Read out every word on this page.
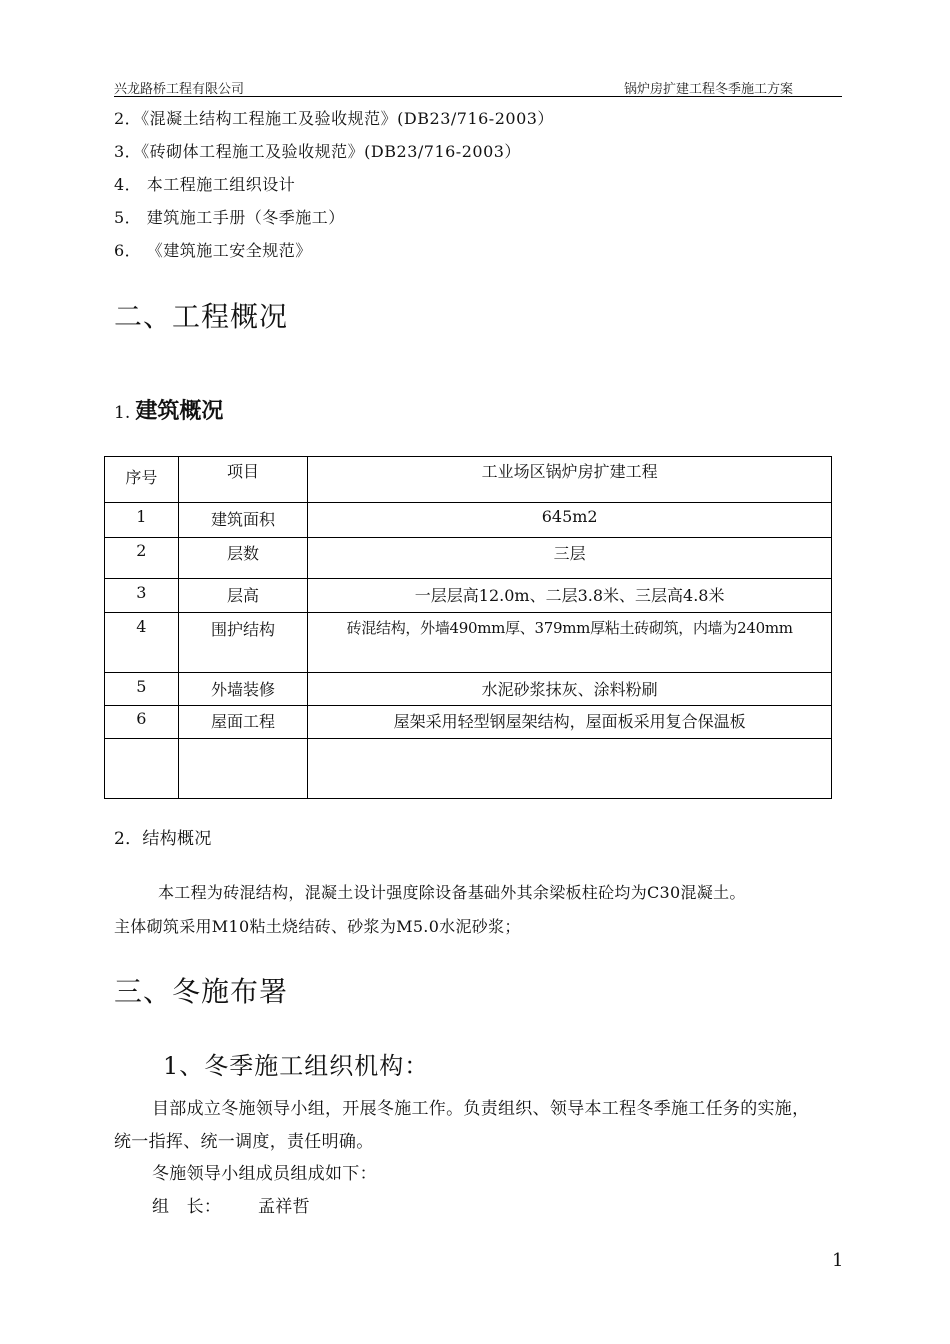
兴龙路桥工程有限公司	锅炉房扩建工程冬季施工方案
2．《混凝土结构工程施工及验收规范》(DB23/716-2003）
3．《砖砌体工程施工及验收规范》(DB23/716-2003）
4． 本工程施工组织设计
5． 建筑施工手册（冬季施工）
6． 《建筑施工安全规范》
二、工程概况
1. 建筑概况
序号	项目	工业场区锅炉房扩建工程
1	建筑面积	645m2
2	层数	三层
3	层高	一层层高12.0m、二层3.8米、三层高4.8米
4	围护结构	砖混结构，外墙490mm厚、379mm厚粘土砖砌筑，内墙为240mm
5	外墙装修	水泥砂浆抹灰、涂料粉刷
6	屋面工程	屋架采用轻型钢屋架结构，屋面板采用复合保温板

2．结构概况
本工程为砖混结构，混凝土设计强度除设备基础外其余梁板柱砼均为C30混凝土。
主体砌筑采用M10粘土烧结砖、砂浆为M5.0水泥砂浆；
三、冬施布署
1、冬季施工组织机构：
目部成立冬施领导小组，开展冬施工作。负责组织、领导本工程冬季施工任务的实施，
统一指挥、统一调度，责任明确。
冬施领导小组成员组成如下：
组　长： 孟祥哲
1
